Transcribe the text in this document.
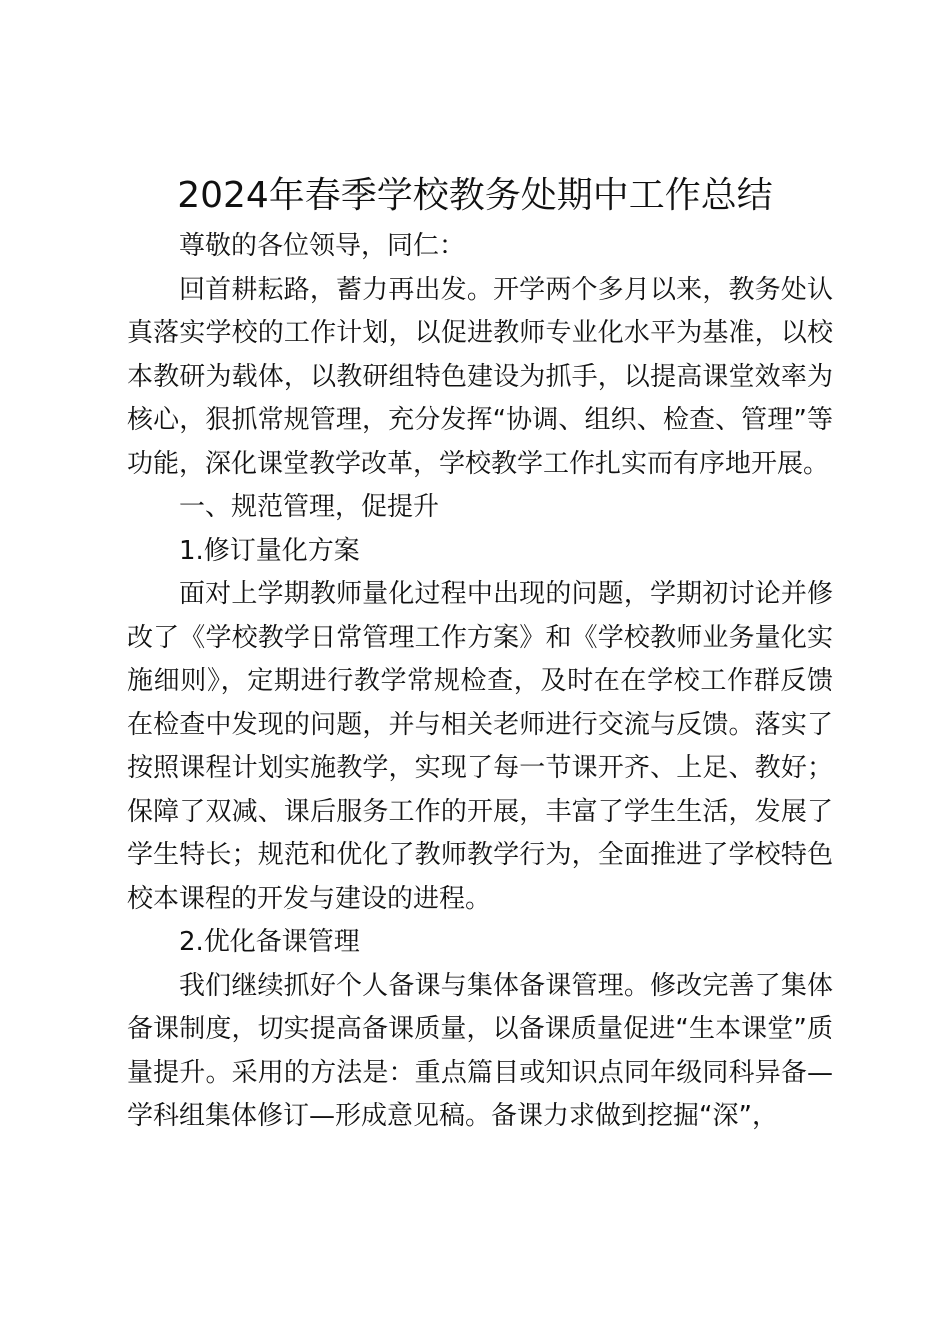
2024年春季学校教务处期中工作总结

尊敬的各位领导，同仁：

回首耕耘路，蓄力再出发。开学两个多月以来，教务处认真落实学校的工作计划，以促进教师专业化水平为基准，以校本教研为载体，以教研组特色建设为抓手，以提高课堂效率为核心，狠抓常规管理，充分发挥“协调、组织、检查、管理”等功能，深化课堂教学改革，学校教学工作扎实而有序地开展。

一、规范管理，促提升

1.修订量化方案

面对上学期教师量化过程中出现的问题，学期初讨论并修改了《学校教学日常管理工作方案》和《学校教师业务量化实施细则》，定期进行教学常规检查，及时在在学校工作群反馈在检查中发现的问题，并与相关老师进行交流与反馈。落实了按照课程计划实施教学，实现了每一节课开齐、上足、教好；保障了双减、课后服务工作的开展，丰富了学生生活，发展了学生特长；规范和优化了教师教学行为，全面推进了学校特色校本课程的开发与建设的进程。

2.优化备课管理

我们继续抓好个人备课与集体备课管理。修改完善了集体备课制度，切实提高备课质量，以备课质量促进“生本课堂”质量提升。采用的方法是：重点篇目或知识点同年级同科异备—学科组集体修订—形成意见稿。备课力求做到挖掘“深”，
